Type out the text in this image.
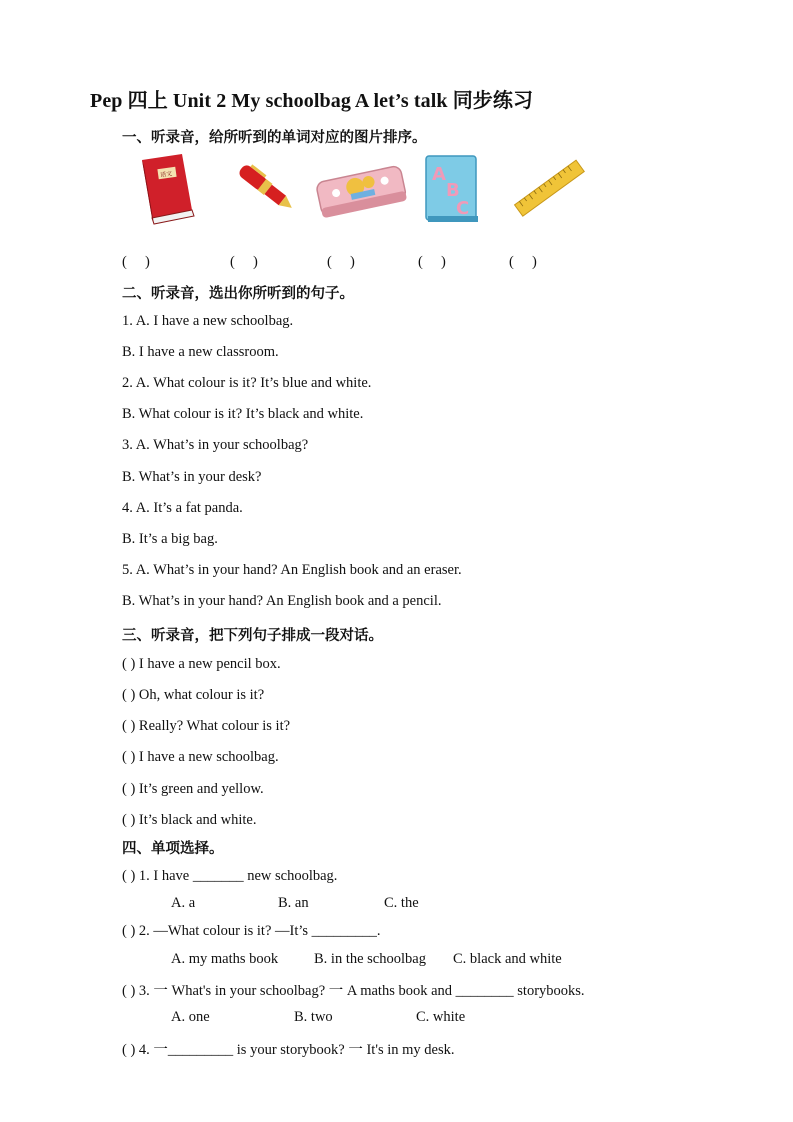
Pep 四上 Unit 2 My schoolbag A let’s talk 同步练习
一、听录音，给所听到的单词对应的图片排序。
语文	A
B
C
(　 )	(　 )	(　 )	(　 )	(　 )
二、听录音，选出你所听到的句子。
1. A. I have a new schoolbag.
B. I have a new classroom.
2. A. What colour is it? It’s blue and white.
B. What colour is it? It’s black and white.
3. A. What’s in your schoolbag?
B. What’s in your desk?
4. A. It’s a fat panda.
B. It’s a big bag.
5. A. What’s in your hand? An English book and an eraser.
B. What’s in your hand? An English book and a pencil.
三、听录音，把下列句子排成一段对话。
( ) I have a new pencil box.
( ) Oh, what colour is it?
( ) Really? What colour is it?
( ) I have a new schoolbag.
( ) It’s green and yellow.
( ) It’s black and white.
四、单项选择。
( ) 1. I have _______ new schoolbag.
A. a	B. an	C. the
( ) 2. —What colour is it? —It’s _________.
A. my maths book B. in the schoolbag C. black and white
( ) 3. 一 What's in your schoolbag? 一 A maths book and ________ storybooks.
A. one	B. two	C. white
( ) 4. 一_________ is your storybook? 一 It's in my desk.
